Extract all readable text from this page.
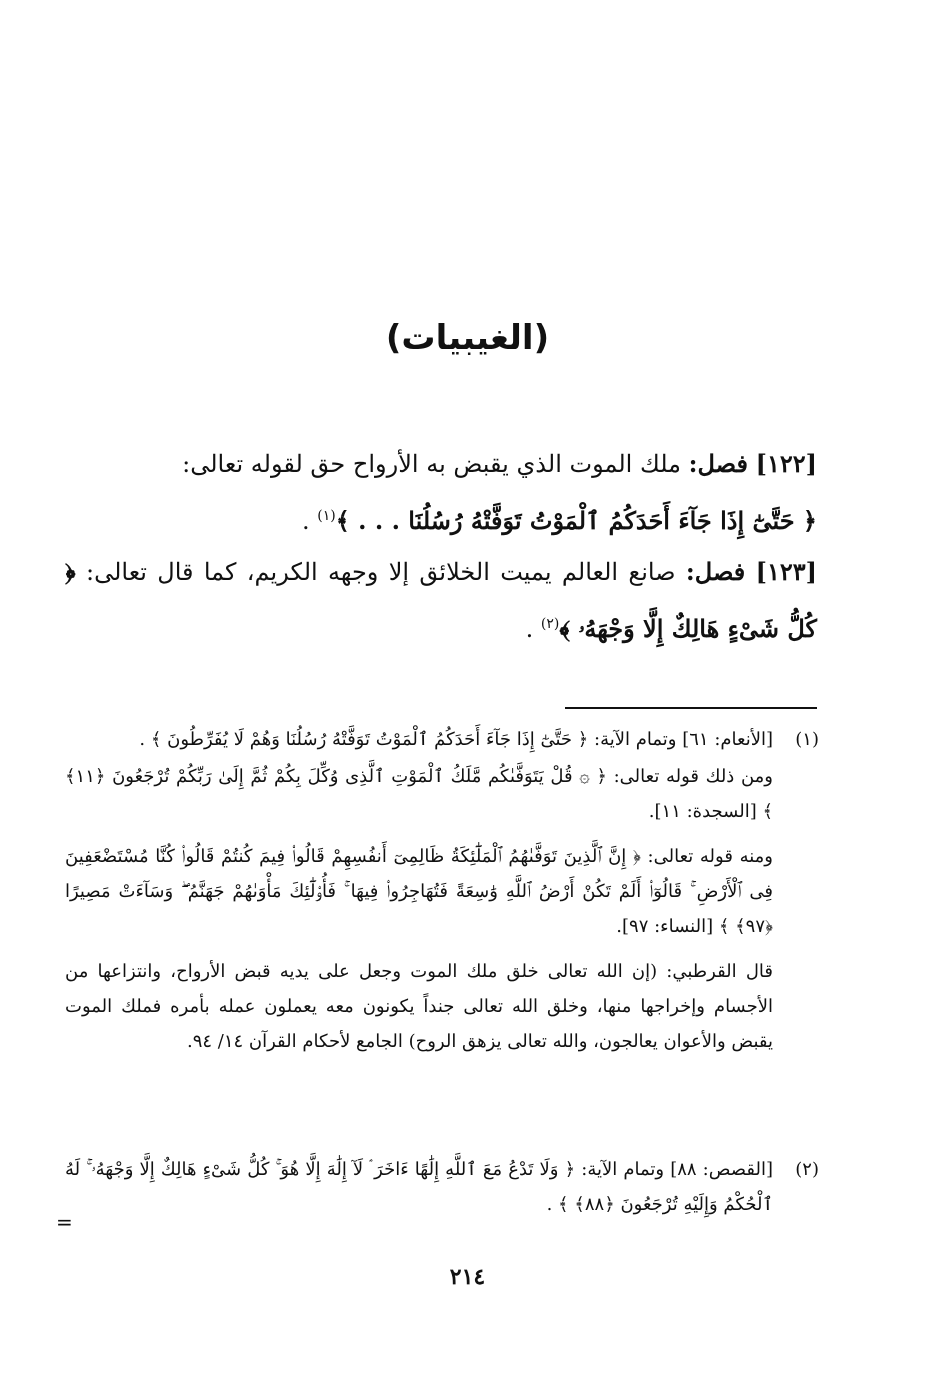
(الغيبيات)
[١٢٢] فصل: ملك الموت الذي يقبض به الأرواح حق لقوله تعالى:
﴿ حَتَّىٰٓ إِذَا جَآءَ أَحَدَكُمُ ٱلْمَوْتُ تَوَفَّتْهُ رُسُلُنَا . . . ﴾$^{(١)}$ .
[١٢٣] فصل: صانع العالم يميت الخلائق إلا وجهه الكريم، كما قال تعالى: ﴿ كُلُّ شَىْءٍ هَالِكٌ إِلَّا وَجْهَهُۥ ﴾$^{(٢)}$ .
(١)
[الأنعام: ٦١] وتمام الآية: ﴿ حَتَّىٰٓ إِذَا جَآءَ أَحَدَكُمُ ٱلْمَوْتُ تَوَفَّتْهُ رُسُلُنَا وَهُمْ لَا يُفَرِّطُونَ ﴾ .
ومن ذلك قوله تعالى: ﴿ ۞ قُلْ يَتَوَفَّىٰكُم مَّلَكُ ٱلْمَوْتِ ٱلَّذِى وُكِّلَ بِكُمْ ثُمَّ إِلَىٰ رَبِّكُمْ تُرْجَعُونَ ﴿١١﴾ ﴾ [السجدة: ١١].
ومنه قوله تعالى: ﴿ إِنَّ ٱلَّذِينَ تَوَفَّىٰهُمُ ٱلْمَلَٰٓئِكَةُ ظَالِمِىٓ أَنفُسِهِمْ قَالُوا۟ فِيمَ كُنتُمْ قَالُوا۟ كُنَّا مُسْتَضْعَفِينَ فِى ٱلْأَرْضِ ۚ قَالُوٓا۟ أَلَمْ تَكُنْ أَرْضُ ٱللَّهِ وَٰسِعَةً فَتُهَاجِرُوا۟ فِيهَا ۚ فَأُو۟لَٰٓئِكَ مَأْوَىٰهُمْ جَهَنَّمُ ۖ وَسَآءَتْ مَصِيرًا ﴿٩٧﴾ ﴾ [النساء: ٩٧].
قال القرطبي: (إن الله تعالى خلق ملك الموت وجعل على يديه قبض الأرواح، وانتزاعها من الأجسام وإخراجها منها، وخلق الله تعالى جنداً يكونون معه يعملون عمله بأمره فملك الموت يقبض والأعوان يعالجون، والله تعالى يزهق الروح) الجامع لأحكام القرآن ١٤/ ٩٤.
(٢)
[القصص: ٨٨] وتمام الآية: ﴿ وَلَا تَدْعُ مَعَ ٱللَّهِ إِلَٰهًا ءَاخَرَ ۘ لَآ إِلَٰهَ إِلَّا هُوَ ۚ كُلُّ شَىْءٍ هَالِكٌ إِلَّا وَجْهَهُۥ ۚ لَهُ ٱلْحُكْمُ وَإِلَيْهِ تُرْجَعُونَ ﴿٨٨﴾ ﴾ .
=
٢١٤
